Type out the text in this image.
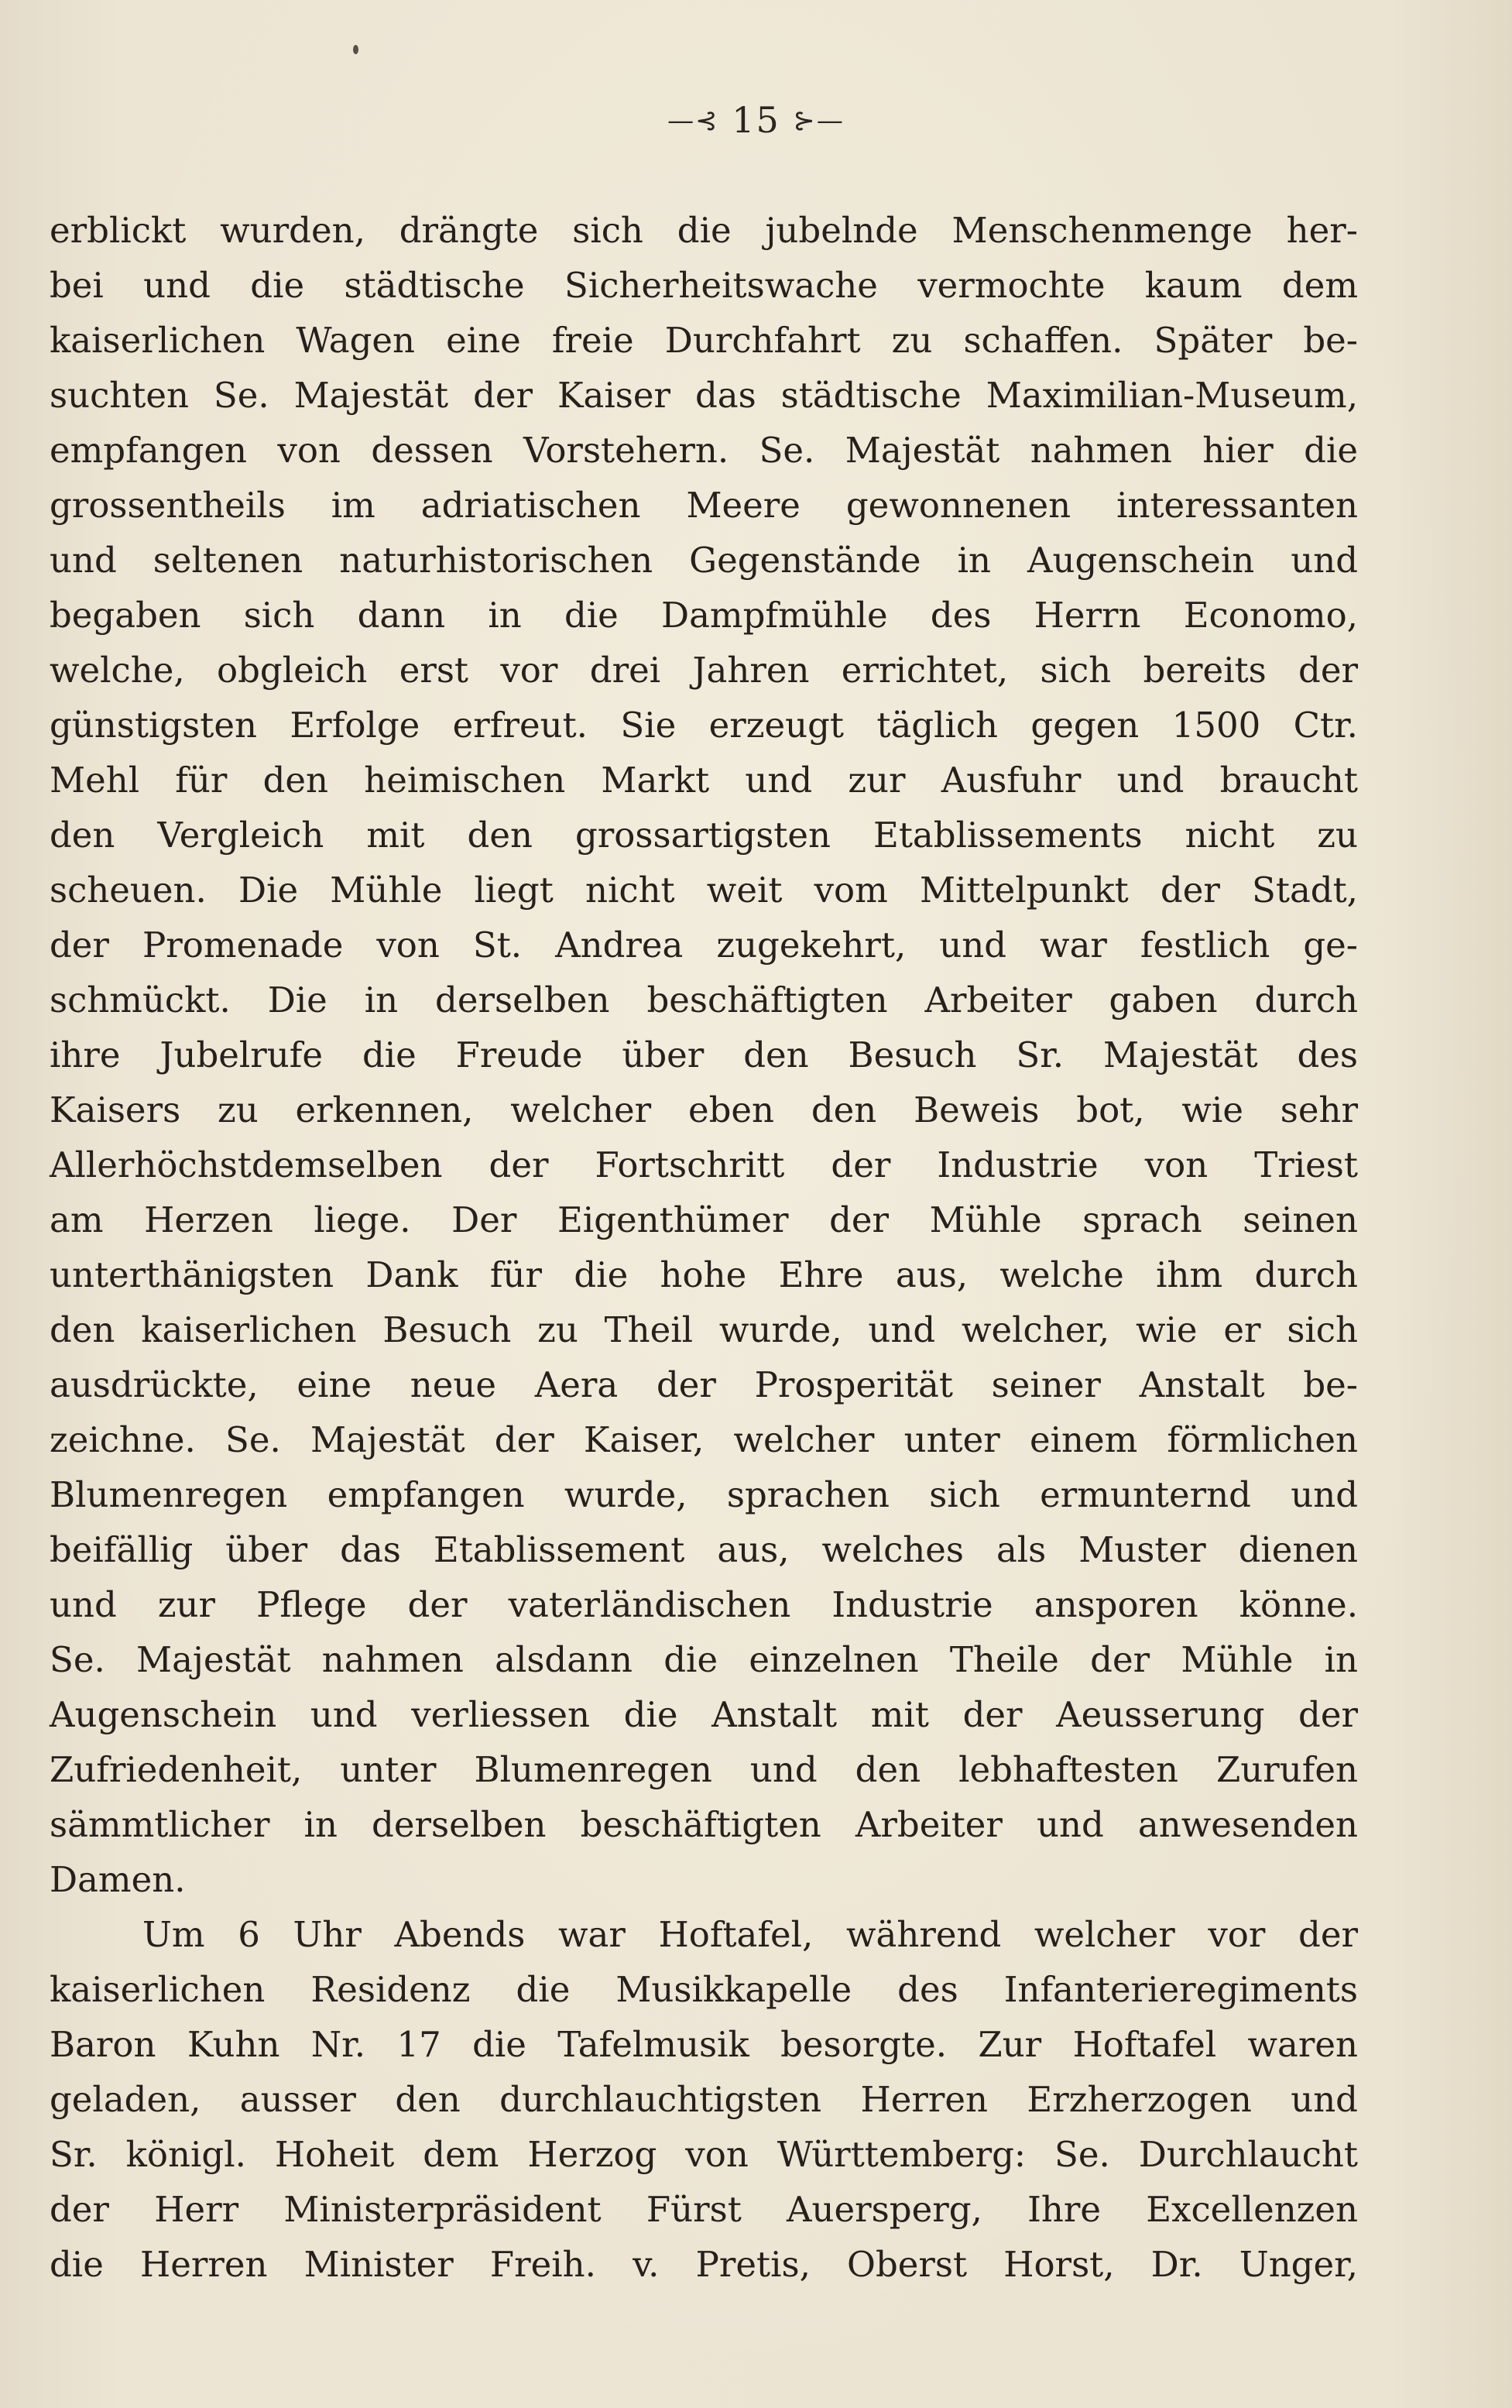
—⊰ 15 ⊱—
erblickt wurden, drängte sich die jubelnde Menschenmenge her-
bei und die städtische Sicherheitswache vermochte kaum dem
kaiserlichen Wagen eine freie Durchfahrt zu schaffen. Später be-
suchten Se. Majestät der Kaiser das städtische Maximilian-Museum,
empfangen von dessen Vorstehern. Se. Majestät nahmen hier die
grossentheils im adriatischen Meere gewonnenen interessanten
und seltenen naturhistorischen Gegenstände in Augenschein und
begaben sich dann in die Dampfmühle des Herrn Economo,
welche, obgleich erst vor drei Jahren errichtet, sich bereits der
günstigsten Erfolge erfreut. Sie erzeugt täglich gegen 1500 Ctr.
Mehl für den heimischen Markt und zur Ausfuhr und braucht
den Vergleich mit den grossartigsten Etablissements nicht zu
scheuen. Die Mühle liegt nicht weit vom Mittelpunkt der Stadt,
der Promenade von St. Andrea zugekehrt, und war festlich ge-
schmückt. Die in derselben beschäftigten Arbeiter gaben durch
ihre Jubelrufe die Freude über den Besuch Sr. Majestät des
Kaisers zu erkennen, welcher eben den Beweis bot, wie sehr
Allerhöchstdemselben der Fortschritt der Industrie von Triest
am Herzen liege. Der Eigenthümer der Mühle sprach seinen
unterthänigsten Dank für die hohe Ehre aus, welche ihm durch
den kaiserlichen Besuch zu Theil wurde, und welcher, wie er sich
ausdrückte, eine neue Aera der Prosperität seiner Anstalt be-
zeichne. Se. Majestät der Kaiser, welcher unter einem förmlichen
Blumenregen empfangen wurde, sprachen sich ermunternd und
beifällig über das Etablissement aus, welches als Muster dienen
und zur Pflege der vaterländischen Industrie ansporen könne.
Se. Majestät nahmen alsdann die einzelnen Theile der Mühle in
Augenschein und verliessen die Anstalt mit der Aeusserung der
Zufriedenheit, unter Blumenregen und den lebhaftesten Zurufen
sämmtlicher in derselben beschäftigten Arbeiter und anwesenden
Damen.
Um 6 Uhr Abends war Hoftafel, während welcher vor der
kaiserlichen Residenz die Musikkapelle des Infanterieregiments
Baron Kuhn Nr. 17 die Tafelmusik besorgte. Zur Hoftafel waren
geladen, ausser den durchlauchtigsten Herren Erzherzogen und
Sr. königl. Hoheit dem Herzog von Württemberg: Se. Durchlaucht
der Herr Ministerpräsident Fürst Auersperg, Ihre Excellenzen
die Herren Minister Freih. v. Pretis, Oberst Horst, Dr. Unger,
